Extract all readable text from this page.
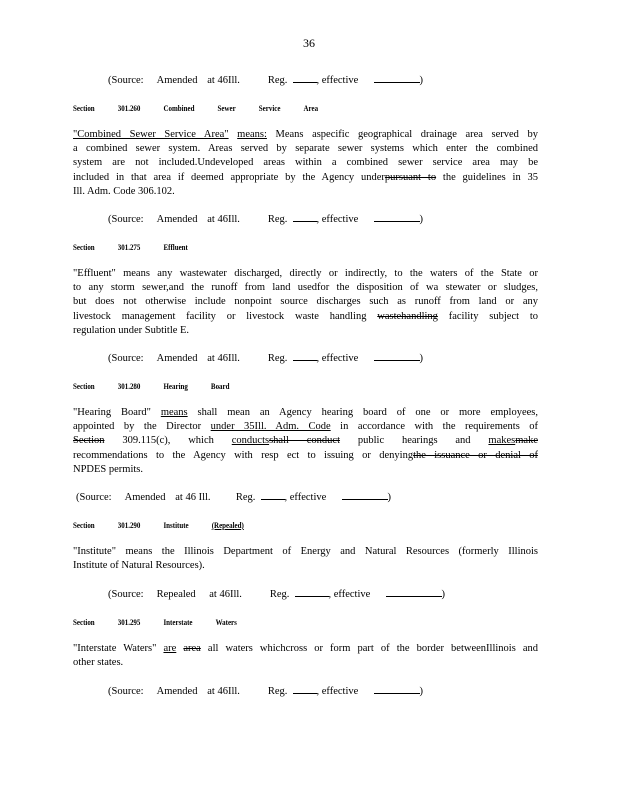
36
(Source: Amended at 46Ill.	Reg.	, effective	)
Section	301.260	Combined	Sewer	Service	Area
"Combined Sewer Service Area" means: Means aspecific geographical drainage area served by
a combined sewer system. Areas served by separate sewer systems which enter the combined
system are not included.Undeveloped areas within a combined sewer service area may be
included in that area if deemed appropriate by the Agency underpursuant to the guidelines in 35
Ill. Adm. Code 306.102.
(Source: Amended at 46Ill.	Reg.	, effective	)
Section	301.275	Effluent
"Effluent" means any wastewater discharged, directly or indirectly, to the waters of the State or
to any storm sewer,and the runoff from land usedfor the disposition of wa stewater or sludges,
but does not otherwise include nonpoint source discharges such as runoff from land or any
livestock management facility or livestock waste handling wastehandling facility subject to
regulation under Subtitle E.
(Source: Amended at 46Ill.	Reg.	, effective	)
Section	301.280	Hearing	Board
"Hearing Board" means shall mean an Agency hearing board of one or more employees,
appointed by the Director under 35Ill. Adm. Code in accordance with the requirements of
Section 309.115(c), which conductsshall conduct public hearings and makesmake
recommendations to the Agency with resp ect to issuing or denyingthe issuance or denial of
NPDES permits.
(Source: Amended at 46 Ill. Reg.	, effective	)
Section	301.290	Institute	(Repealed)
"Institute" means the Illinois Department of Energy and Natural Resources (formerly Illinois
Institute of Natural Resources).
(Source: Repealed at 46Ill.	Reg.	, effective	)
Section	301.295	Interstate	Waters
"Interstate Waters" are area all waters whichcross or form part of the border betweenIllinois and
other states.
(Source: Amended at 46Ill.	Reg.	, effective	)
